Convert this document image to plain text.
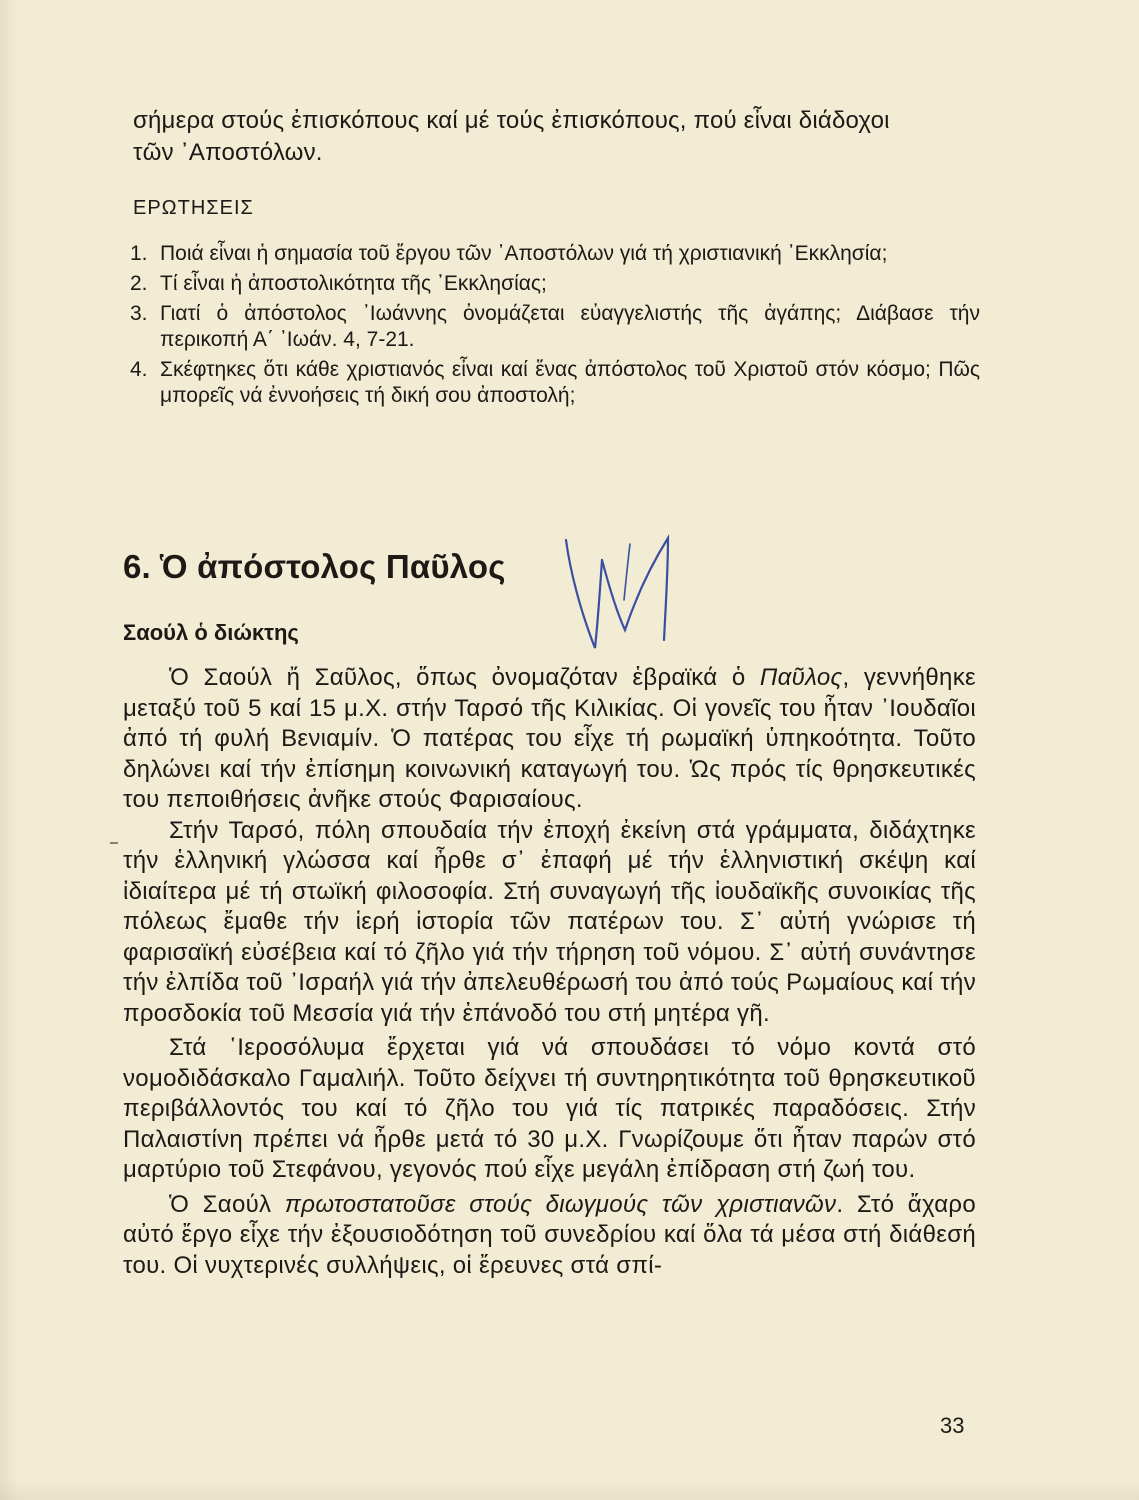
σήμερα στούς ἐπισκόπους καί μέ τούς ἐπισκόπους, πού εἶναι διάδοχοι
τῶν ᾿Αποστόλων.
ΕΡΩΤΗΣΕΙΣ
1. Ποιά εἶναι ἡ σημασία τοῦ ἔργου τῶν ᾿Αποστόλων γιά τή χριστιανική ᾿Εκκλησία;
2. Τί εἶναι ἡ ἀποστολικότητα τῆς ᾿Εκκλησίας;
3. Γιατί ὁ ἀπόστολος ᾿Ιωάννης ὀνομάζεται εὐαγγελιστής τῆς ἀγάπης; Διάβασε τήν περικοπή Α΄ ᾿Ιωάν. 4, 7-21.
4. Σκέφτηκες ὅτι κάθε χριστιανός εἶναι καί ἕνας ἀπόστολος τοῦ Χριστοῦ στόν κόσμο; Πῶς μπορεῖς νά ἐννοήσεις τή δική σου ἀποστολή;
6. Ὁ ἀπόστολος Παῦλος
Σαούλ ὁ διώκτης

Ὁ Σαούλ ἤ Σαῦλος, ὅπως ὀνομαζόταν ἑβραϊκά ὁ Παῦλος, γεννήθηκε μεταξύ τοῦ 5 καί 15 μ.Χ. στήν Ταρσό τῆς Κιλικίας. Οἱ γονεῖς του ἦταν ᾿Ιουδαῖοι ἀπό τή φυλή Βενιαμίν. Ὁ πατέρας του εἶχε τή ρωμαϊκή ὑπηκοότητα. Τοῦτο δηλώνει καί τήν ἐπίσημη κοινωνική καταγωγή του. Ὡς πρός τίς θρησκευτικές του πεποιθήσεις ἀνῆκε στούς Φαρισαίους.

Στήν Ταρσό, πόλη σπουδαία τήν ἐποχή ἐκείνη στά γράμματα, διδάχτηκε τήν ἑλληνική γλώσσα καί ἦρθε σ᾿ ἐπαφή μέ τήν ἑλληνιστική σκέψη καί ἰδιαίτερα μέ τή στωϊκή φιλοσοφία. Στή συναγωγή τῆς ἰουδαϊκῆς συνοικίας τῆς πόλεως ἔμαθε τήν ἱερή ἱστορία τῶν πατέρων του. Σ᾿ αὐτή γνώρισε τή φαρισαϊκή εὐσέβεια καί τό ζῆλο γιά τήν τήρηση τοῦ νόμου. Σ᾿ αὐτή συνάντησε τήν ἐλπίδα τοῦ ᾿Ισραήλ γιά τήν ἀπελευθέρωσή του ἀπό τούς Ρωμαίους καί τήν προσδοκία τοῦ Μεσσία γιά τήν ἐπάνοδό του στή μητέρα γῆ.

Στά ῾Ιεροσόλυμα ἔρχεται γιά νά σπουδάσει τό νόμο κοντά στό νομοδιδάσκαλο Γαμαλιήλ. Τοῦτο δείχνει τή συντηρητικότητα τοῦ θρησκευτικοῦ περιβάλλοντός του καί τό ζῆλο του γιά τίς πατρικές παραδόσεις. Στήν Παλαιστίνη πρέπει νά ἦρθε μετά τό 30 μ.Χ. Γνωρίζουμε ὅτι ἦταν παρών στό μαρτύριο τοῦ Στεφάνου, γεγονός πού εἶχε μεγάλη ἐπίδραση στή ζωή του.

Ὁ Σαούλ πρωτοστατοῦσε στούς διωγμούς τῶν χριστιανῶν. Στό ἄχαρο αὐτό ἔργο εἶχε τήν ἐξουσιοδότηση τοῦ συνεδρίου καί ὅλα τά μέσα στή διάθεσή του. Οἱ νυχτερινές συλλήψεις, οἱ ἔρευνες στά σπί-

33
